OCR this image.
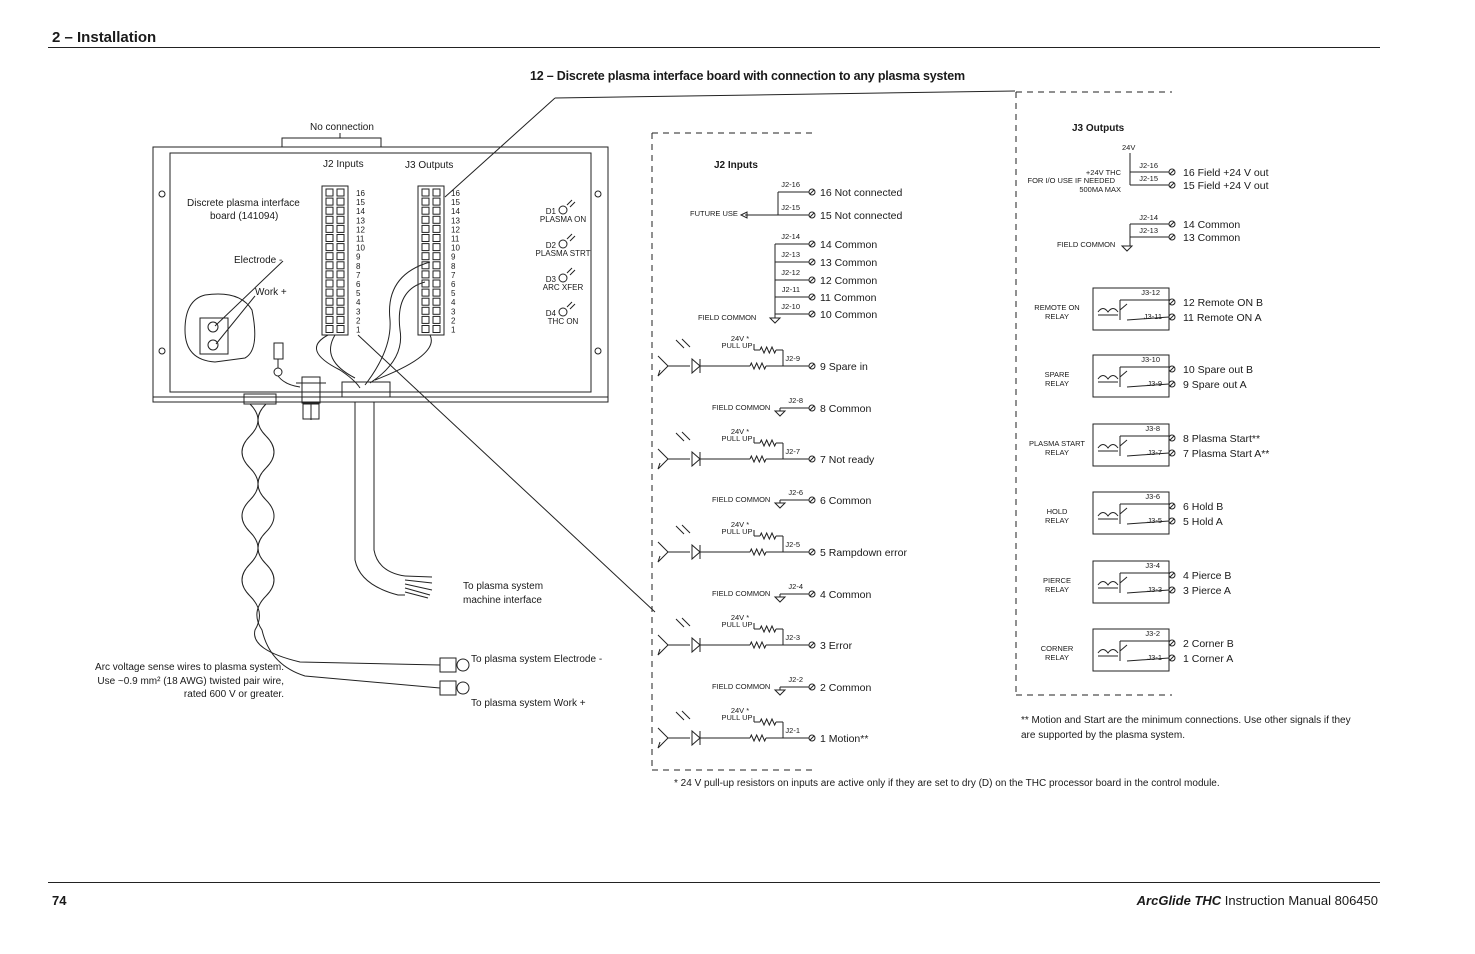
2 – Installation
12 – Discrete plasma interface board with connection to any plasma system
16	16
15	15
14	14
13	13
12	12
11	11
10	10
9	9
8	8
7	7
6	6
5	5
4	4
3	3
2	2
1	1
D1
PLASMA ON
D2
PLASMA STRT
D3
ARC XFER
D4
THC ON
J2-16
16 Not connected
J2-15
15 Not connected
J2-14
14 Common
J2-13
13 Common
J2-12
12 Common
J2-11
11 Common
J2-10
10 Common
24V *
PULL UP
J2-9
9 Spare in
24V *
PULL UP
J2-7
7 Not ready
24V *
PULL UP
J2-5
5 Rampdown error
24V *
PULL UP
J2-3
3 Error
24V *
PULL UP
J2-1
1 Motion**
FIELD COMMON
J2-8
8 Common
FIELD COMMON
J2-6
6 Common
FIELD COMMON
J2-4
4 Common
FIELD COMMON
J2-2
2 Common
J2-16
16 Field +24 V out
J2-15
15 Field +24 V out
J2-14
14 Common
J2-13
13 Common
REMOTE ON
RELAY
J3-12
J3-11
12 Remote ON B
11 Remote ON A
SPARE
RELAY
J3-10
J3-9
10 Spare out B
9 Spare out A
PLASMA START
RELAY
J3-8
J3-7
8 Plasma Start**
7 Plasma Start A**
HOLD
RELAY
J3-6
J3-5
6 Hold B
5 Hold A
PIERCE
RELAY
J3-4
J3-3
4 Pierce B
3 Pierce A
CORNER
RELAY
J3-2
J3-1
2 Corner B
1 Corner A
No connection
J2 Inputs	J3 Outputs
Discrete plasma interface
board (141094)
Electrode -
Work +
To plasma system
machine interface
To plasma system Electrode -
To plasma system Work +
Arc voltage sense wires to plasma system.
Use ~0.9 mm² (18 AWG) twisted pair wire,
rated 600 V or greater.
J2 Inputs
FUTURE USE
FIELD COMMON
J3 Outputs
24V
+24V THC
FOR I/O USE IF NEEDED
500MA MAX
FIELD COMMON
** Motion and Start are the minimum connections. Use other signals if they
are supported by the plasma system.
* 24 V pull-up resistors on inputs are active only if they are set to dry (D) on the THC processor board in the control module.
74	ArcGlide THC Instruction Manual 806450
